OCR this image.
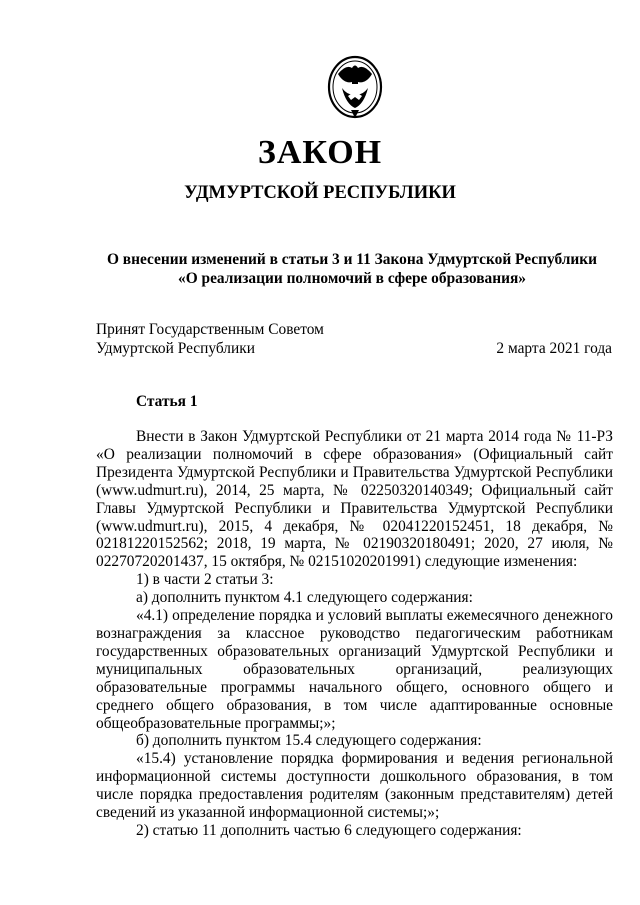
ЗАКОН
УДМУРТСКОЙ РЕСПУБЛИКИ
О внесении изменений в статьи 3 и 11 Закона Удмуртской Республики
«О реализации полномочий в сфере образования»
Принят Государственным Советом
Удмуртской Республики	2 марта 2021 года
Статья 1

Внести в Закон Удмуртской Республики от 21 марта 2014 года № 11-РЗ «О реализации полномочий в сфере образования» (Официальный сайт Президента Удмуртской Республики и Правительства Удмуртской Республики (www.udmurt.ru), 2014, 25 марта, № 02250320140349; Официальный сайт Главы Удмуртской Республики и Правительства Удмуртской Республики (www.udmurt.ru), 2015, 4 декабря, № 02041220152451, 18 декабря, № 02181220152562; 2018, 19 марта, № 02190320180491; 2020, 27 июля, № 02270720201437, 15 октября, № 02151020201991) следующие изменения:

1) в части 2 статьи 3:

а) дополнить пунктом 4.1 следующего содержания:

«4.1) определение порядка и условий выплаты ежемесячного денежного вознаграждения за классное руководство педагогическим работникам государственных образовательных организаций Удмуртской Республики и муниципальных образовательных организаций, реализующих образовательные программы начального общего, основного общего и среднего общего образования, в том числе адаптированные основные общеобразовательные программы;»;

б) дополнить пунктом 15.4 следующего содержания:

«15.4) установление порядка формирования и ведения региональной информационной системы доступности дошкольного образования, в том числе порядка предоставления родителям (законным представителям) детей сведений из указанной информационной системы;»;

2) статью 11 дополнить частью 6 следующего содержания:
